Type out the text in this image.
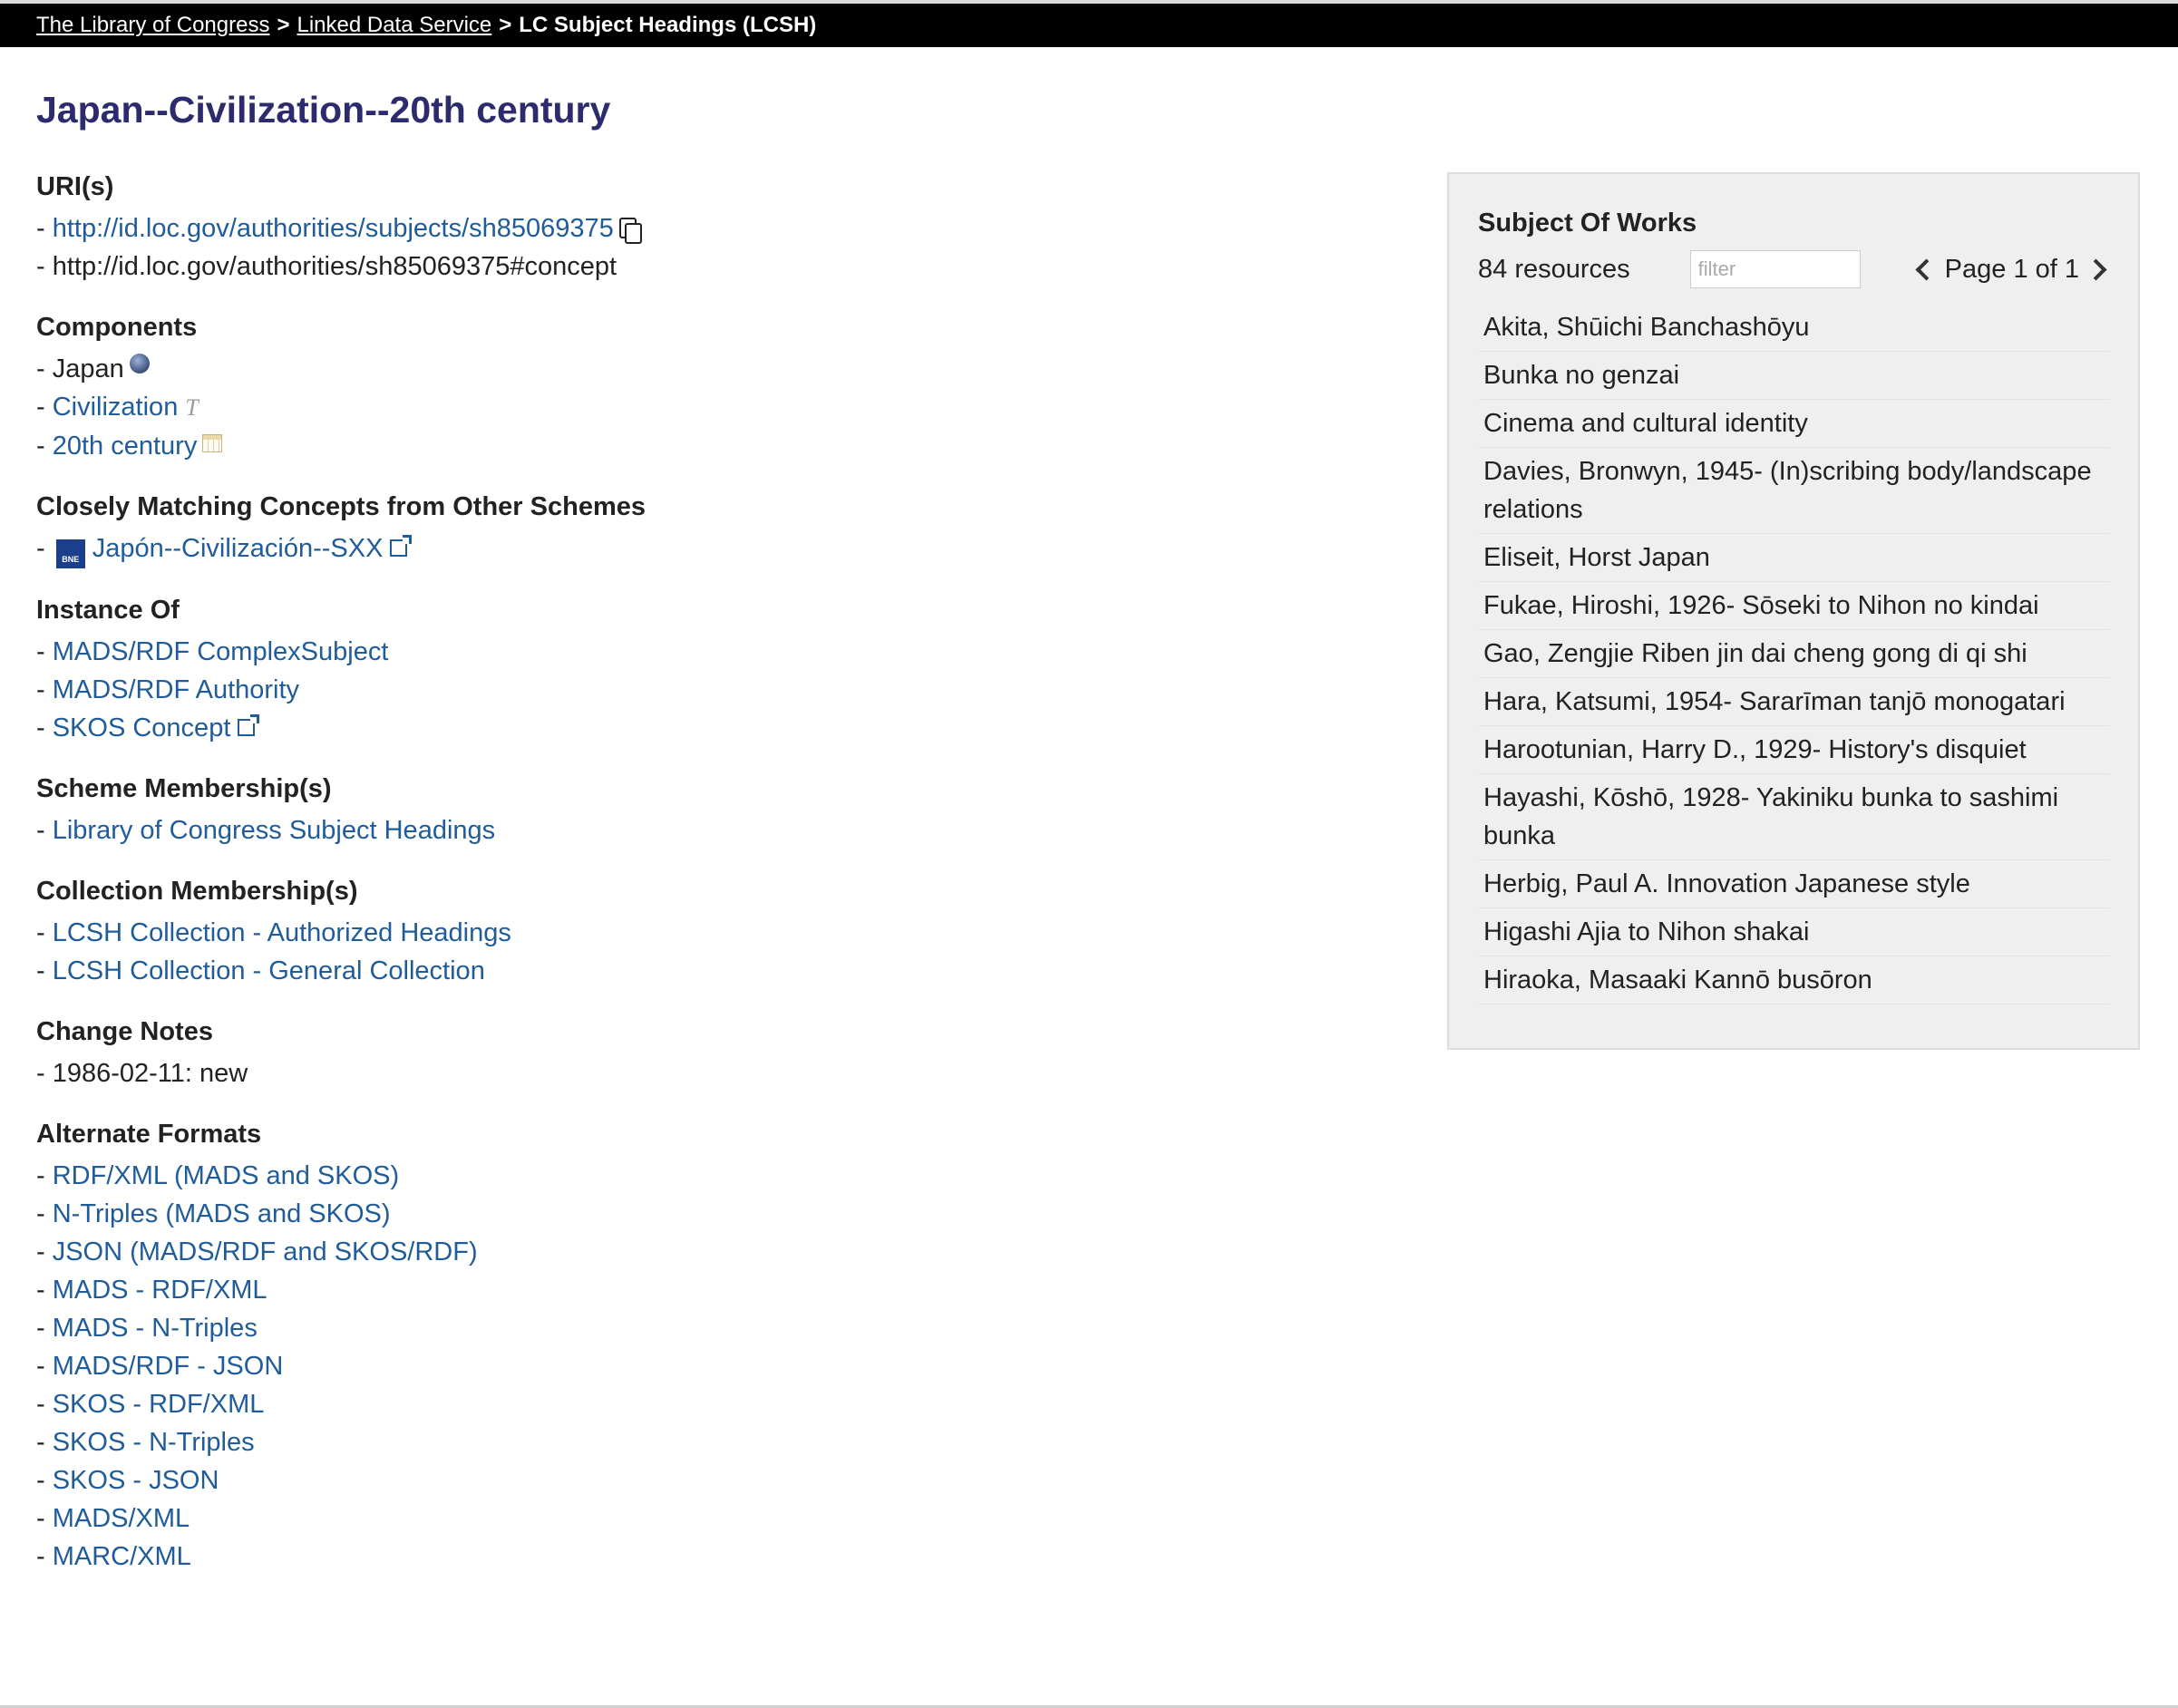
The Library of Congress > Linked Data Service > LC Subject Headings (LCSH)
Japan--Civilization--20th century
URI(s)
- http://id.loc.gov/authorities/subjects/sh85069375
- http://id.loc.gov/authorities/sh85069375#concept
Components
- Japan
- Civilization T
- 20th century
Closely Matching Concepts from Other Schemes
- BNE Japón--Civilización--SXX
Instance Of
- MADS/RDF ComplexSubject
- MADS/RDF Authority
- SKOS Concept
Scheme Membership(s)
- Library of Congress Subject Headings
Collection Membership(s)
- LCSH Collection - Authorized Headings
- LCSH Collection - General Collection
Change Notes
- 1986-02-11: new
Alternate Formats
- RDF/XML (MADS and SKOS)
- N-Triples (MADS and SKOS)
- JSON (MADS/RDF and SKOS/RDF)
- MADS - RDF/XML
- MADS - N-Triples
- MADS/RDF - JSON
- SKOS - RDF/XML
- SKOS - N-Triples
- SKOS - JSON
- MADS/XML
- MARC/XML
Subject Of Works
84 resources
filter	Page 1 of 1
Akita, Shūichi Banchashōyu
Bunka no genzai
Cinema and cultural identity
Davies, Bronwyn, 1945- (In)scribing body/landscape relations
Eliseit, Horst Japan
Fukae, Hiroshi, 1926- Sōseki to Nihon no kindai
Gao, Zengjie Riben jin dai cheng gong di qi shi
Hara, Katsumi, 1954- Sararīman tanjō monogatari
Harootunian, Harry D., 1929- History's disquiet
Hayashi, Kōshō, 1928- Yakiniku bunka to sashimi bunka
Herbig, Paul A. Innovation Japanese style
Higashi Ajia to Nihon shakai
Hiraoka, Masaaki Kannō busōron
